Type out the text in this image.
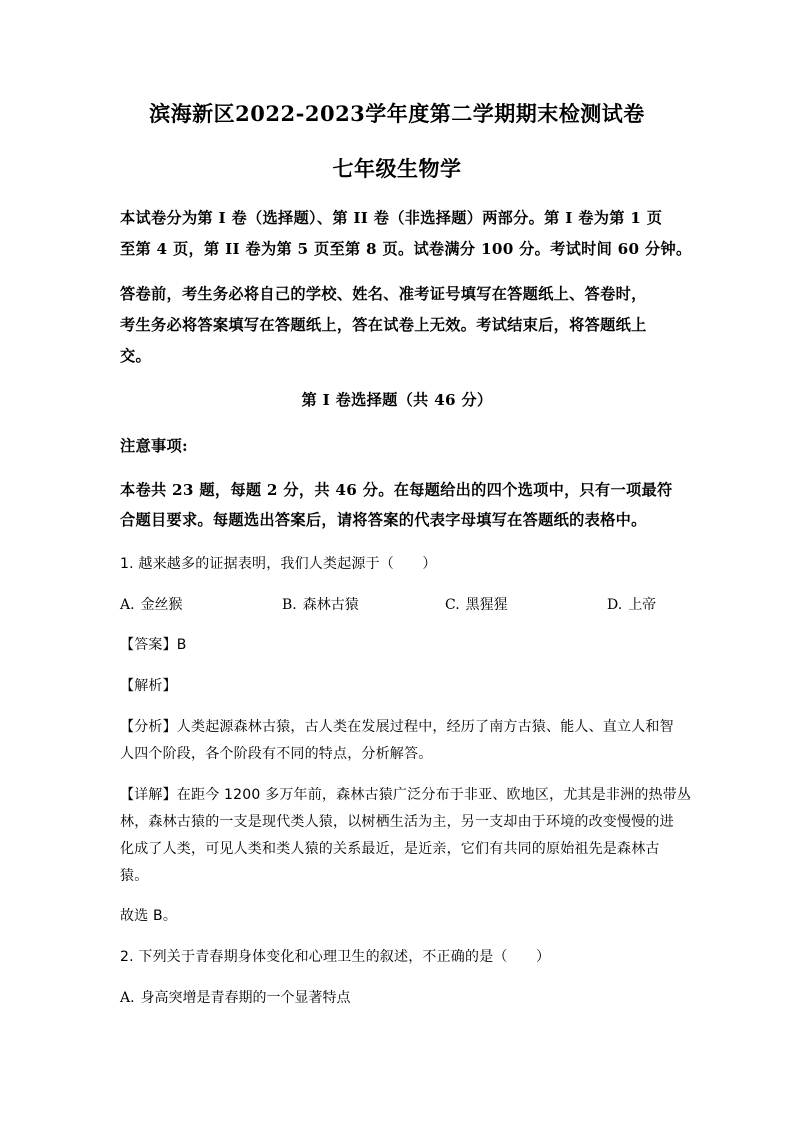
滨海新区2022-2023学年度第二学期期末检测试卷
七年级生物学
本试卷分为第 I 卷（选择题）、第 II 卷（非选择题）两部分。第 I 卷为第 1 页
至第 4 页，第 II 卷为第 5 页至第 8 页。试卷满分 100 分。考试时间 60 分钟。
答卷前，考生务必将自己的学校、姓名、准考证号填写在答题纸上、答卷时，
考生务必将答案填写在答题纸上，答在试卷上无效。考试结束后，将答题纸上
交。
第 I 卷选择题（共 46 分）
注意事项:
本卷共 23 题，每题 2 分，共 46 分。在每题给出的四个选项中，只有一项最符
合题目要求。每题选出答案后，请将答案的代表字母填写在答题纸的表格中。
1. 越来越多的证据表明，我们人类起源于（　　）
A. 金丝猴	B. 森林古猿	C. 黑猩猩	D. 上帝
【答案】B
【解析】
【分析】人类起源森林古猿，古人类在发展过程中，经历了南方古猿、能人、直立人和智
人四个阶段，各个阶段有不同的特点，分析解答。
【详解】在距今 1200 多万年前，森林古猿广泛分布于非亚、欧地区，尤其是非洲的热带丛
林，森林古猿的一支是现代类人猿，以树栖生活为主，另一支却由于环境的改变慢慢的进
化成了人类，可见人类和类人猿的关系最近，是近亲，它们有共同的原始祖先是森林古
猿。
故选 B。
2. 下列关于青春期身体变化和心理卫生的叙述，不正确的是（　　）
A. 身高突增是青春期的一个显著特点
